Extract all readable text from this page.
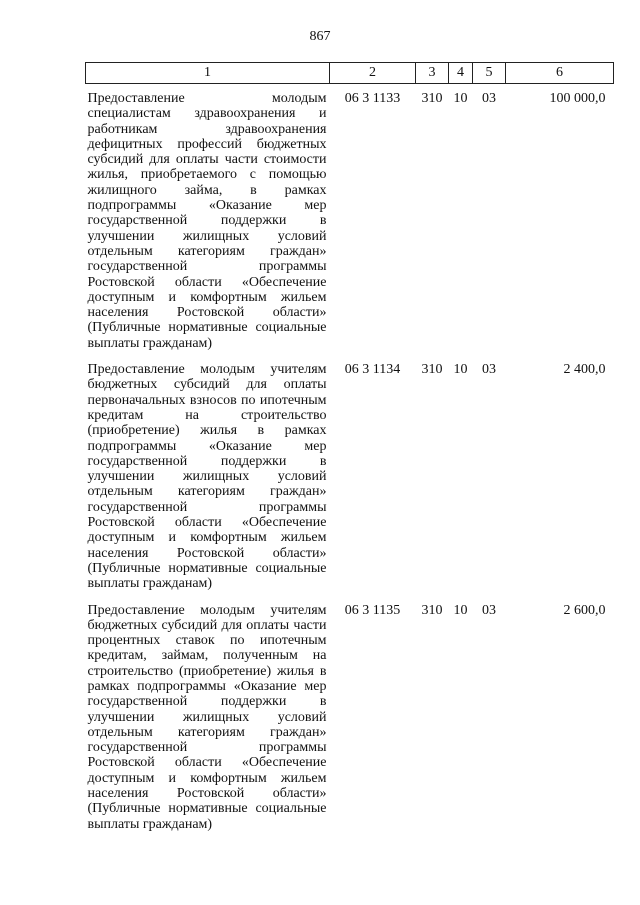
867
1	2	3	4	5	6
Предоставление молодым специалистам здравоохранения и работникам здравоохранения дефицитных профессий бюджетных субсидий для оплаты части стоимости жилья, приобретаемого с помощью жилищного займа, в рамках подпрограммы «Оказание мер государственной поддержки в улучшении жилищных условий отдельным категориям граждан» государственной программы Ростовской области «Обеспечение доступным и комфортным жильем населения Ростовской области» (Публичные нормативные социальные выплаты гражданам)	06 3 1133	310	10	03	100 000,0
Предоставление молодым учителям бюджетных субсидий для оплаты первоначальных взносов по ипотечным кредитам на строительство (приобретение) жилья в рамках подпрограммы «Оказание мер государственной поддержки в улучшении жилищных условий отдельным категориям граждан» государственной программы Ростовской области «Обеспечение доступным и комфортным жильем населения Ростовской области» (Публичные нормативные социальные выплаты гражданам)	06 3 1134	310	10	03	2 400,0
Предоставление молодым учителям бюджетных субсидий для оплаты части процентных ставок по ипотечным кредитам, займам, полученным на строительство (приобретение) жилья в рамках подпрограммы «Оказание мер государственной поддержки в улучшении жилищных условий отдельным категориям граждан» государственной программы Ростовской области «Обеспечение доступным и комфортным жильем населения Ростовской области» (Публичные нормативные социальные выплаты гражданам)	06 3 1135	310	10	03	2 600,0
